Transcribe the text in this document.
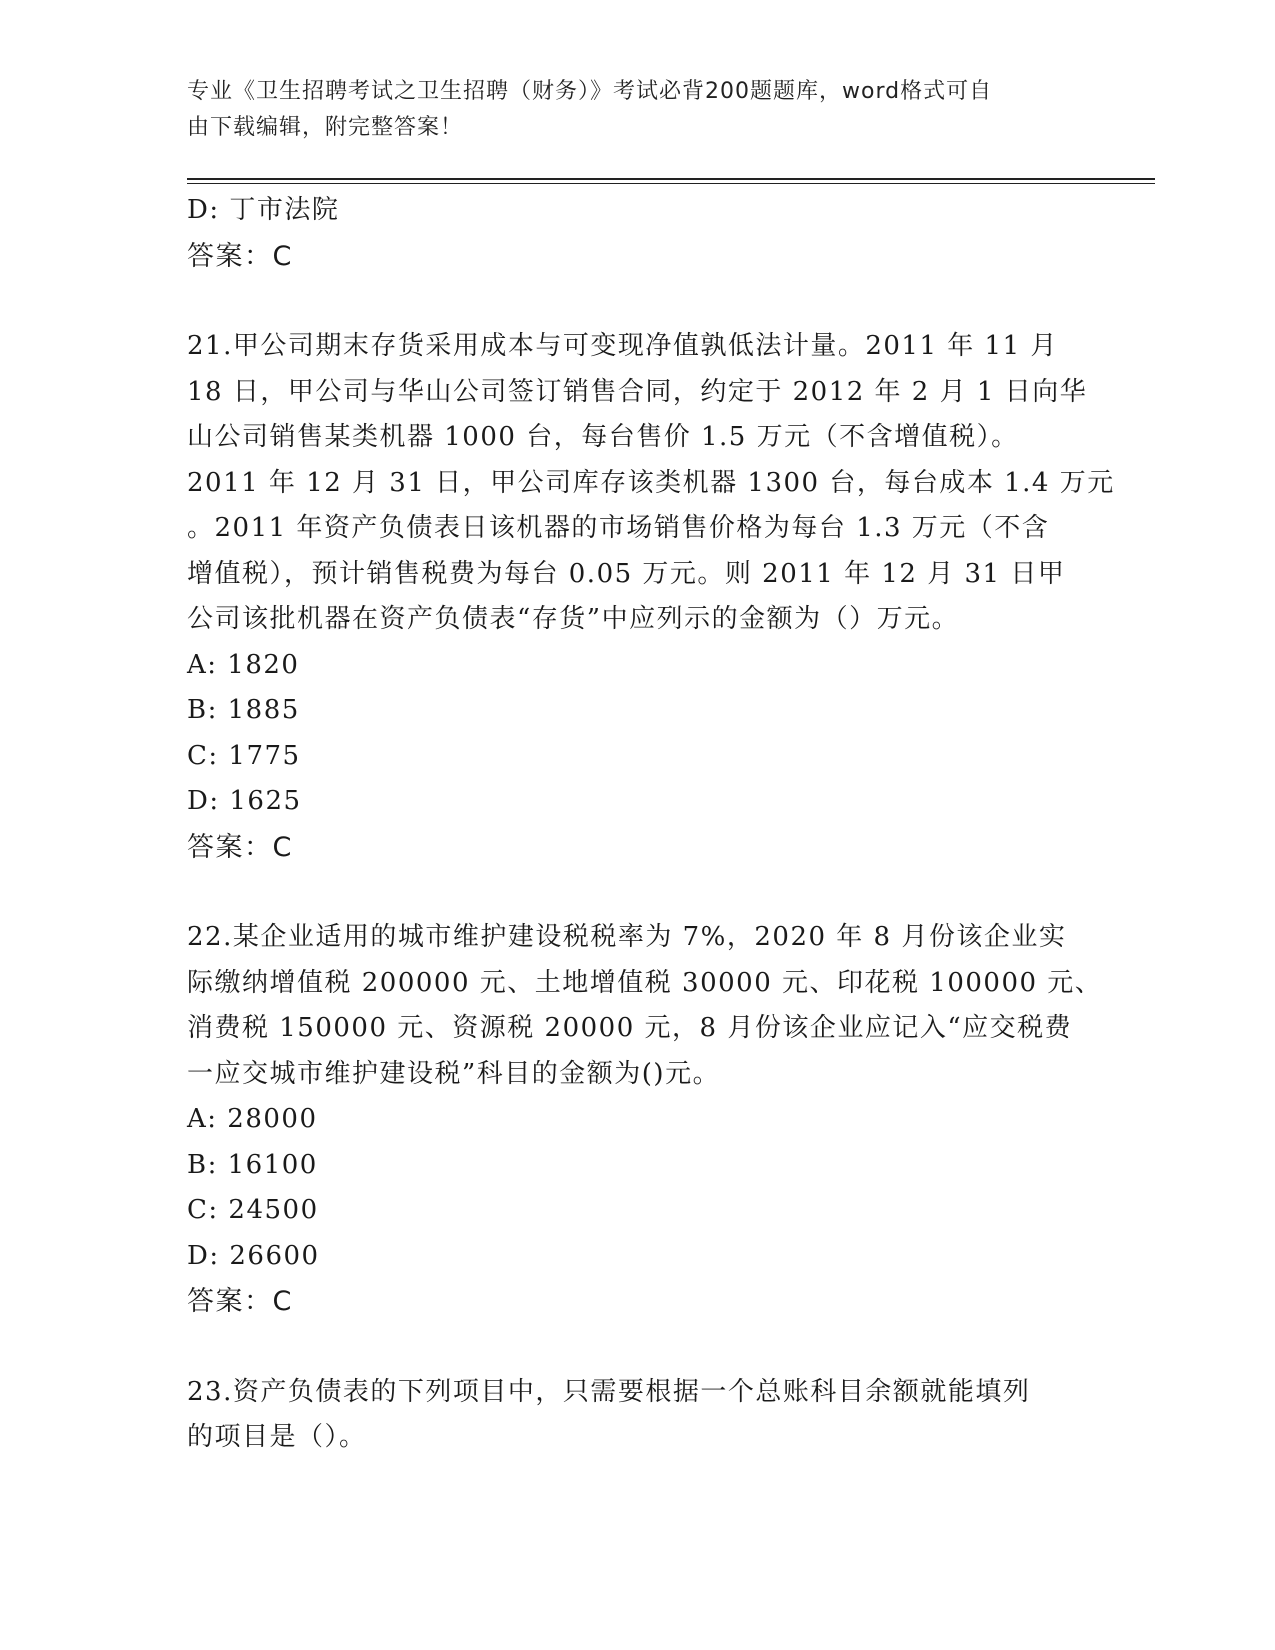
专业《卫生招聘考试之卫生招聘（财务）》考试必背200题题库，word格式可自
由下载编辑，附完整答案！
D: 丁市法院
答案：C
21.甲公司期末存货采用成本与可变现净值孰低法计量。2011 年 11 月
18 日，甲公司与华山公司签订销售合同，约定于 2012 年 2 月 1 日向华
山公司销售某类机器 1000 台，每台售价 1.5 万元（不含增值税）。
2011 年 12 月 31 日，甲公司库存该类机器 1300 台，每台成本 1.4 万元
。2011 年资产负债表日该机器的市场销售价格为每台 1.3 万元（不含
增值税），预计销售税费为每台 0.05 万元。则 2011 年 12 月 31 日甲
公司该批机器在资产负债表“存货”中应列示的金额为（）万元。
A: 1820
B: 1885
C: 1775
D: 1625
答案：C
22.某企业适用的城市维护建设税税率为 7%，2020 年 8 月份该企业实
际缴纳增值税 200000 元、土地增值税 30000 元、印花税 100000 元、
消费税 150000 元、资源税 20000 元，8 月份该企业应记入“应交税费
一应交城市维护建设税”科目的金额为()元。
A: 28000
B: 16100
C: 24500
D: 26600
答案：C
23.资产负债表的下列项目中，只需要根据一个总账科目余额就能填列
的项目是（）。
